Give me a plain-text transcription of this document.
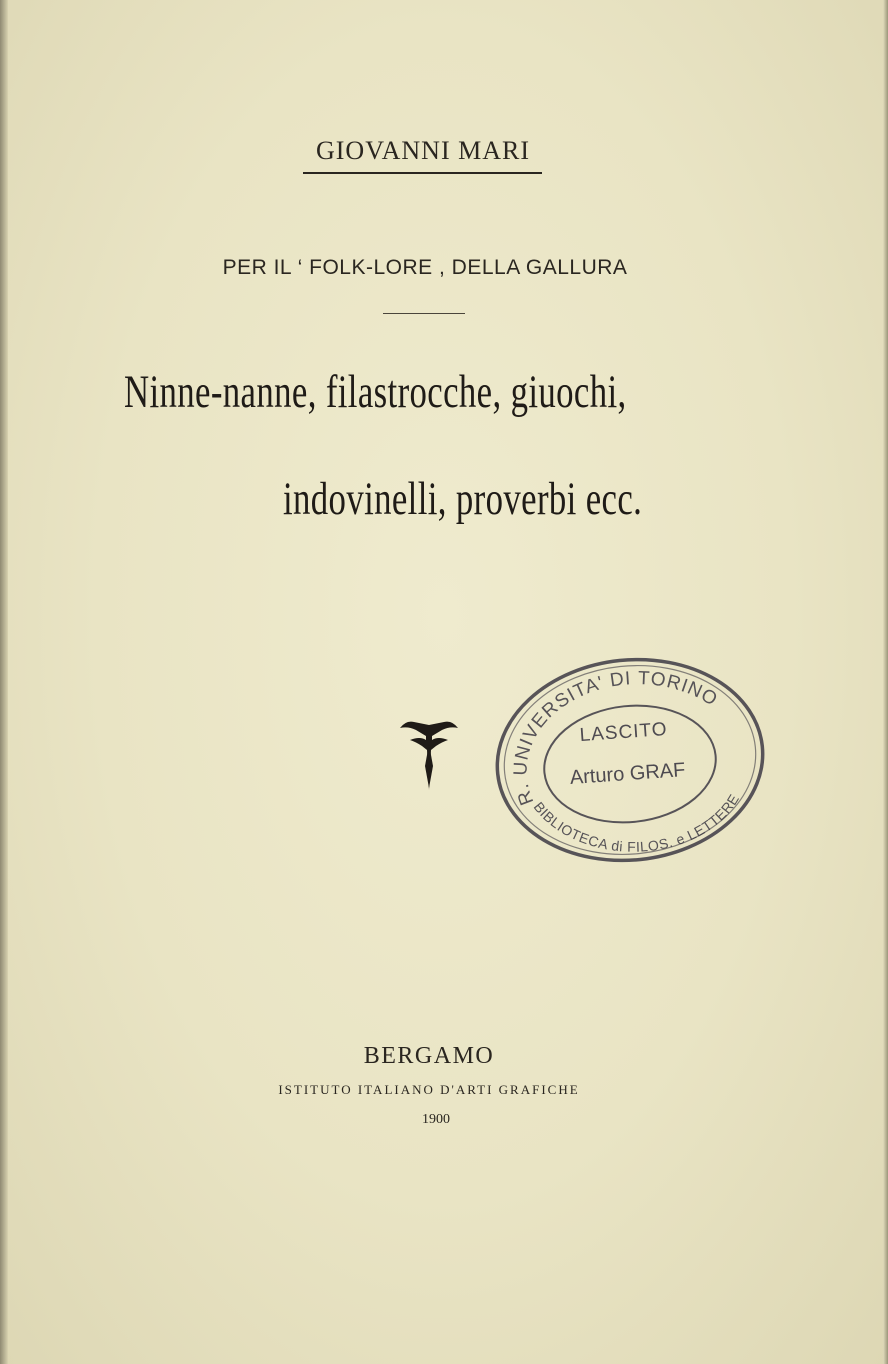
GIOVANNI MARI
PER IL ‘ FOLK-LORE , DELLA GALLURA
Ninne-nanne, filastrocche, giuochi,
indovinelli, proverbi ecc.
R. UNIVERSITA' DI TORINO
BIBLIOTECA di FILOS. e LETTERE
LASCITO
Arturo GRAF
BERGAMO
ISTITUTO ITALIANO D'ARTI GRAFICHE
1900
